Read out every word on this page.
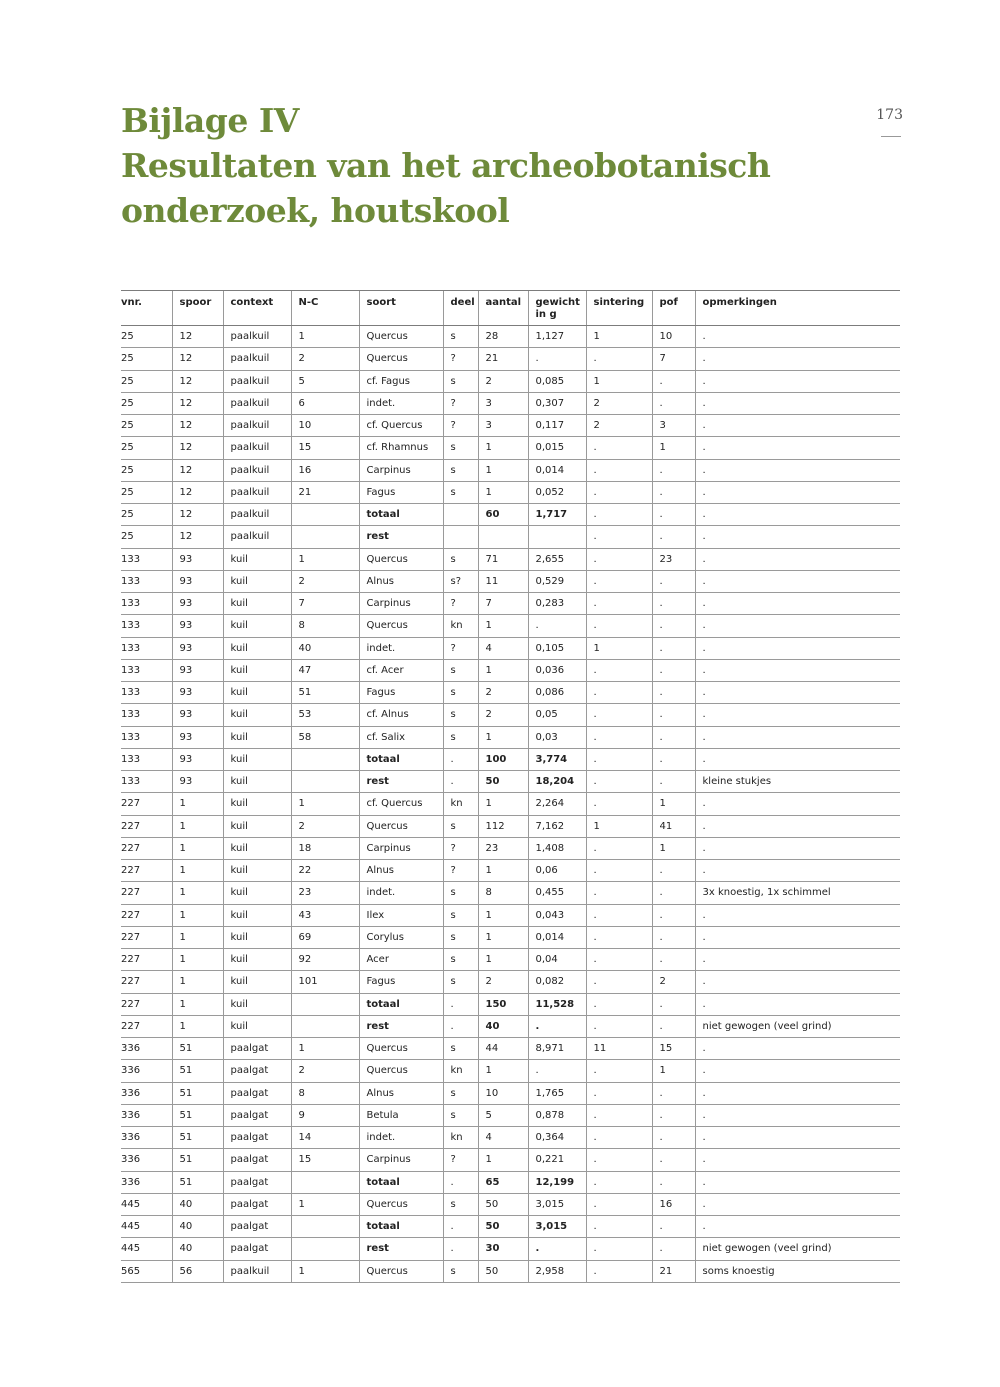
Bijlage IV
Resultaten van het archeobotanisch
onderzoek, houtskool
173
vnr.	spoor	context	N-C	soort	deel	aantal	gewicht in g	sintering	pof	opmerkingen
25	12	paalkuil	1	Quercus	s	28	1,127	1	10	.
25	12	paalkuil	2	Quercus	?	21	.	.	7	.
25	12	paalkuil	5	cf. Fagus	s	2	0,085	1	.	.
25	12	paalkuil	6	indet.	?	3	0,307	2	.	.
25	12	paalkuil	10	cf. Quercus	?	3	0,117	2	3	.
25	12	paalkuil	15	cf. Rhamnus	s	1	0,015	.	1	.
25	12	paalkuil	16	Carpinus	s	1	0,014	.	.	.
25	12	paalkuil	21	Fagus	s	1	0,052	.	.	.
25	12	paalkuil		totaal		60	1,717	.	.	.
25	12	paalkuil		rest				.	.	.
133	93	kuil	1	Quercus	s	71	2,655	.	23	.
133	93	kuil	2	Alnus	s?	11	0,529	.	.	.
133	93	kuil	7	Carpinus	?	7	0,283	.	.	.
133	93	kuil	8	Quercus	kn	1	.	.	.	.
133	93	kuil	40	indet.	?	4	0,105	1	.	.
133	93	kuil	47	cf. Acer	s	1	0,036	.	.	.
133	93	kuil	51	Fagus	s	2	0,086	.	.	.
133	93	kuil	53	cf. Alnus	s	2	0,05	.	.	.
133	93	kuil	58	cf. Salix	s	1	0,03	.	.	.
133	93	kuil		totaal	.	100	3,774	.	.	.
133	93	kuil		rest	.	50	18,204	.	.	kleine stukjes
227	1	kuil	1	cf. Quercus	kn	1	2,264	.	1	.
227	1	kuil	2	Quercus	s	112	7,162	1	41	.
227	1	kuil	18	Carpinus	?	23	1,408	.	1	.
227	1	kuil	22	Alnus	?	1	0,06	.	.	.
227	1	kuil	23	indet.	s	8	0,455	.	.	3x knoestig, 1x schimmel
227	1	kuil	43	Ilex	s	1	0,043	.	.	.
227	1	kuil	69	Corylus	s	1	0,014	.	.	.
227	1	kuil	92	Acer	s	1	0,04	.	.	.
227	1	kuil	101	Fagus	s	2	0,082	.	2	.
227	1	kuil		totaal	.	150	11,528	.	.	.
227	1	kuil		rest	.	40	.	.	.	niet gewogen (veel grind)
336	51	paalgat	1	Quercus	s	44	8,971	11	15	.
336	51	paalgat	2	Quercus	kn	1	.	.	1	.
336	51	paalgat	8	Alnus	s	10	1,765	.	.	.
336	51	paalgat	9	Betula	s	5	0,878	.	.	.
336	51	paalgat	14	indet.	kn	4	0,364	.	.	.
336	51	paalgat	15	Carpinus	?	1	0,221	.	.	.
336	51	paalgat		totaal	.	65	12,199	.	.	.
445	40	paalgat	1	Quercus	s	50	3,015	.	16	.
445	40	paalgat		totaal	.	50	3,015	.	.	.
445	40	paalgat		rest	.	30	.	.	.	niet gewogen (veel grind)
565	56	paalkuil	1	Quercus	s	50	2,958	.	21	soms knoestig
